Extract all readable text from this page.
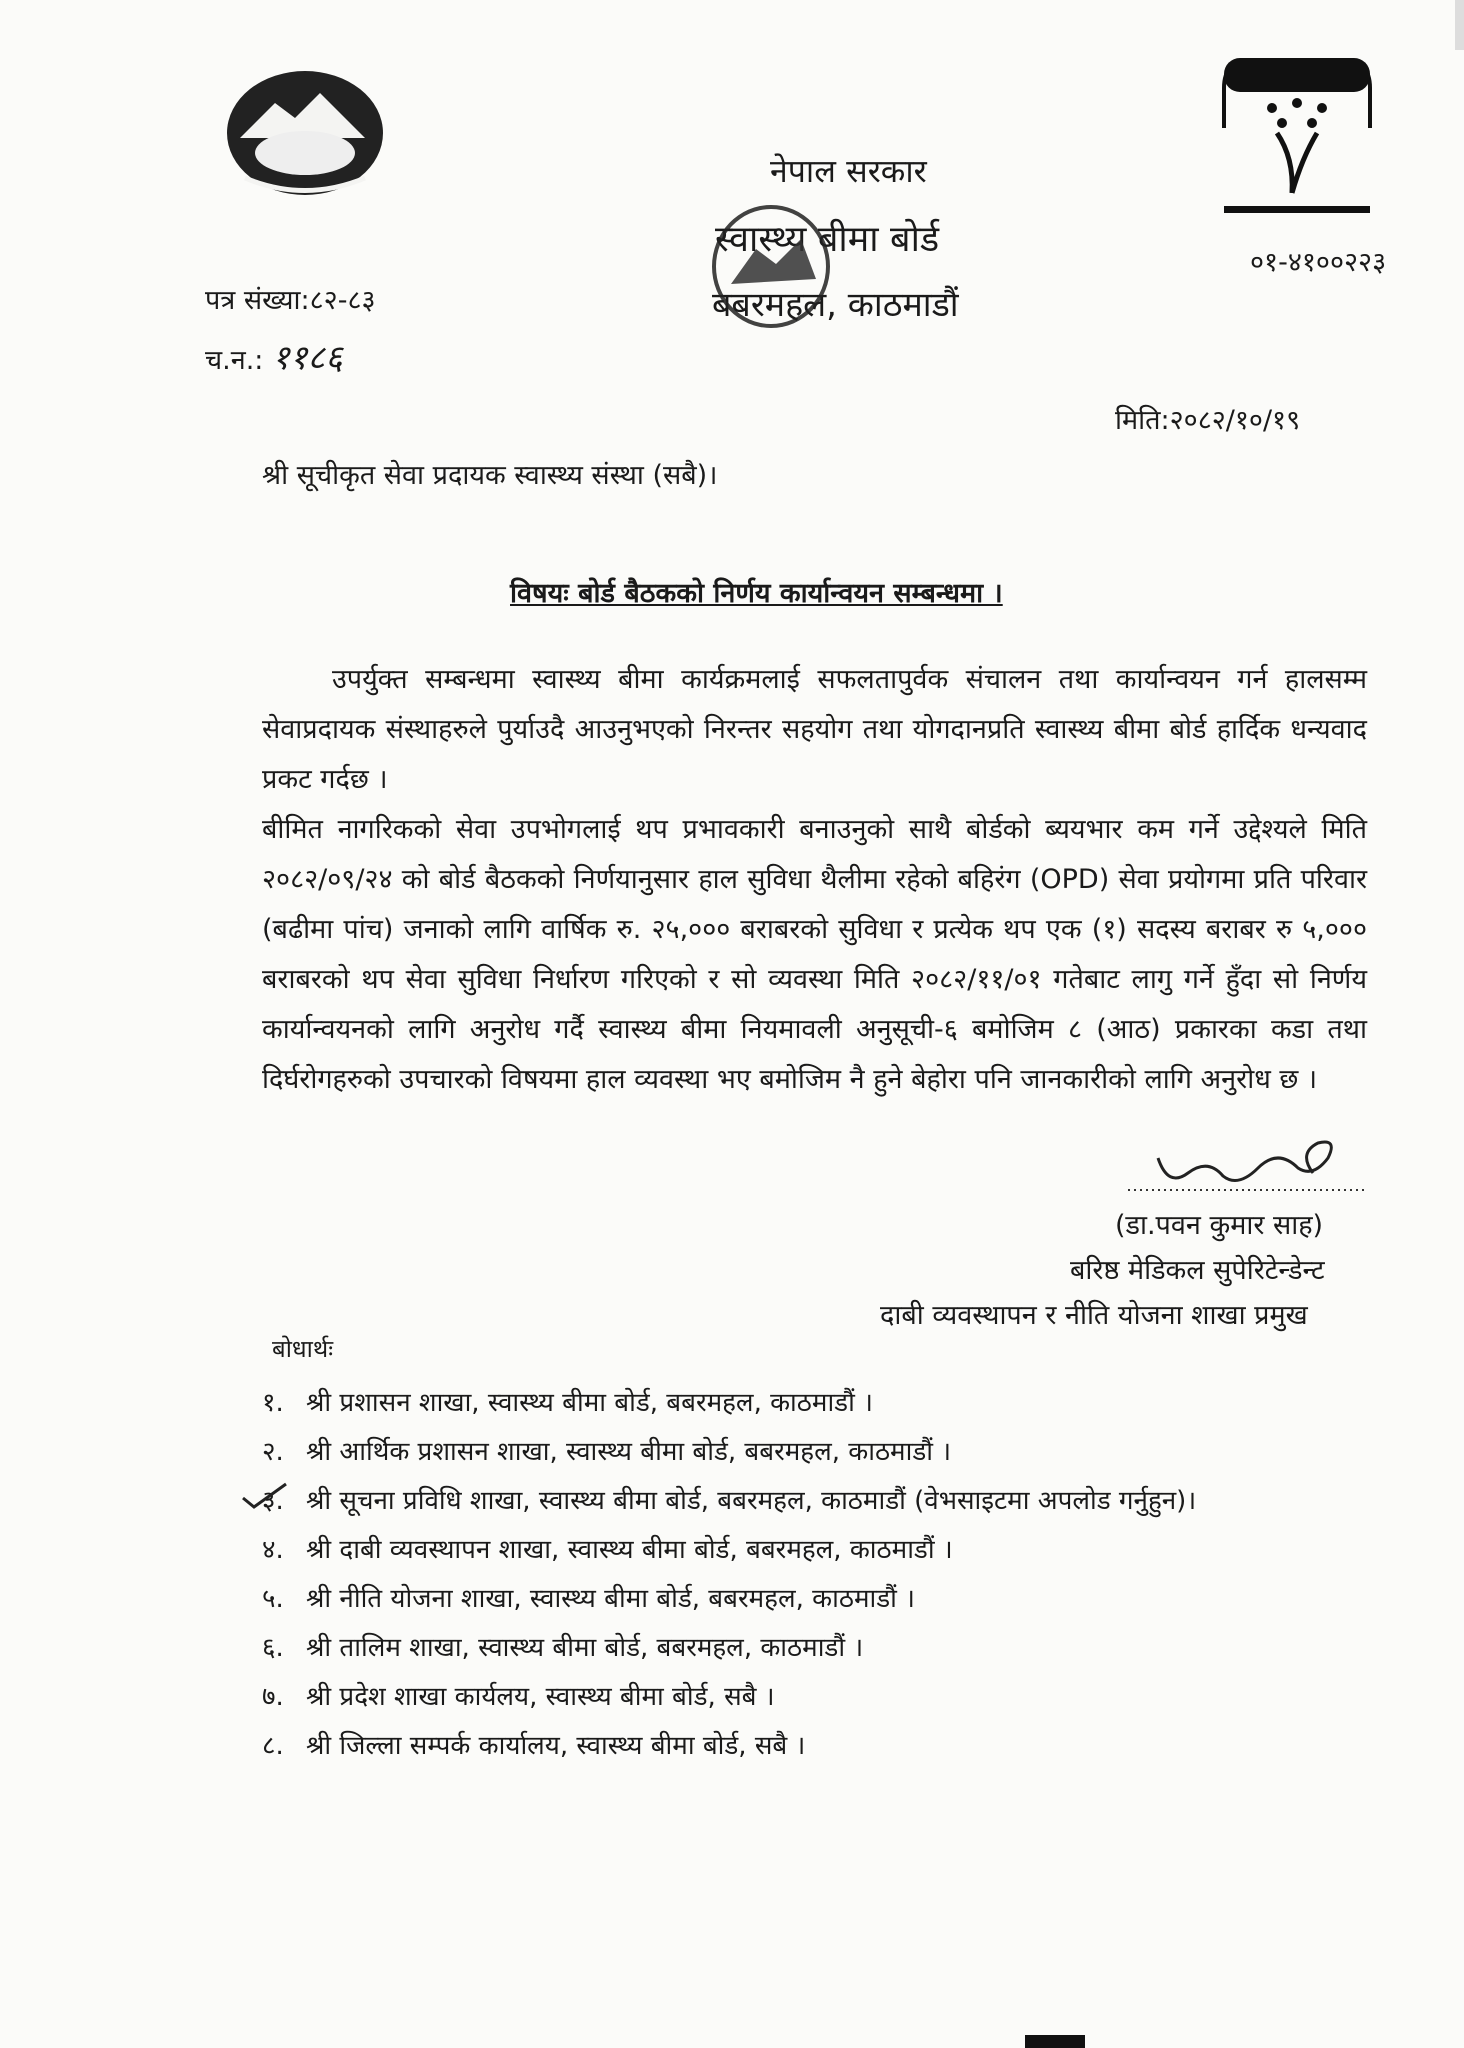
नेपाल सरकार
स्वास्थ्य बीमा बोर्ड
बबरमहल, काठमाडौं
०१-४१००२२३
पत्र संख्या:८२-८३
च.न.: ११८६
मिति:२०८२/१०/१९
श्री सूचीकृत सेवा प्रदायक स्वास्थ्य संस्था (सबै)।
विषयः बोर्ड बैठकको निर्णय कार्यान्वयन सम्बन्धमा ।
उपर्युक्त सम्बन्धमा स्वास्थ्य बीमा कार्यक्रमलाई सफलतापुर्वक संचालन तथा कार्यान्वयन गर्न हालसम्म सेवाप्रदायक संस्थाहरुले पुर्याउदै आउनुभएको निरन्तर सहयोग तथा योगदानप्रति स्वास्थ्य बीमा बोर्ड हार्दिक धन्यवाद प्रकट गर्दछ ।
बीमित नागरिकको सेवा उपभोगलाई थप प्रभावकारी बनाउनुको साथै बोर्डको ब्ययभार कम गर्ने उद्देश्यले मिति २०८२/०९/२४ को बोर्ड बैठकको निर्णयानुसार हाल सुविधा थैलीमा रहेको बहिरंग (OPD) सेवा प्रयोगमा प्रति परिवार (बढीमा पांच) जनाको लागि वार्षिक रु. २५,००० बराबरको सुविधा र प्रत्येक थप एक (१) सदस्य बराबर रु ५,००० बराबरको थप सेवा सुविधा निर्धारण गरिएको र सो व्यवस्था मिति २०८२/११/०१ गतेबाट लागु गर्ने हुँदा सो निर्णय कार्यान्वयनको लागि अनुरोध गर्दै स्वास्थ्य बीमा नियमावली अनुसूची-६ बमोजिम ८ (आठ) प्रकारका कडा तथा दिर्घरोगहरुको उपचारको विषयमा हाल व्यवस्था भए बमोजिम नै हुने बेहोरा पनि जानकारीको लागि अनुरोध छ ।
(डा.पवन कुमार साह)
बरिष्ठ मेडिकल सुपेरिटेन्डेन्ट
दाबी व्यवस्थापन र नीति योजना शाखा प्रमुख
बोधार्थः
१. श्री प्रशासन शाखा, स्वास्थ्य बीमा बोर्ड, बबरमहल, काठमाडौं ।
२. श्री आर्थिक प्रशासन शाखा, स्वास्थ्य बीमा बोर्ड, बबरमहल, काठमाडौं ।
३. श्री सूचना प्रविधि शाखा, स्वास्थ्य बीमा बोर्ड, बबरमहल, काठमाडौं (वेभसाइटमा अपलोड गर्नुहुन)।
४. श्री दाबी व्यवस्थापन शाखा, स्वास्थ्य बीमा बोर्ड, बबरमहल, काठमाडौं ।
५. श्री नीति योजना शाखा, स्वास्थ्य बीमा बोर्ड, बबरमहल, काठमाडौं ।
६. श्री तालिम शाखा, स्वास्थ्य बीमा बोर्ड, बबरमहल, काठमाडौं ।
७. श्री प्रदेश शाखा कार्यलय, स्वास्थ्य बीमा बोर्ड, सबै ।
८. श्री जिल्ला सम्पर्क कार्यालय, स्वास्थ्य बीमा बोर्ड, सबै ।
